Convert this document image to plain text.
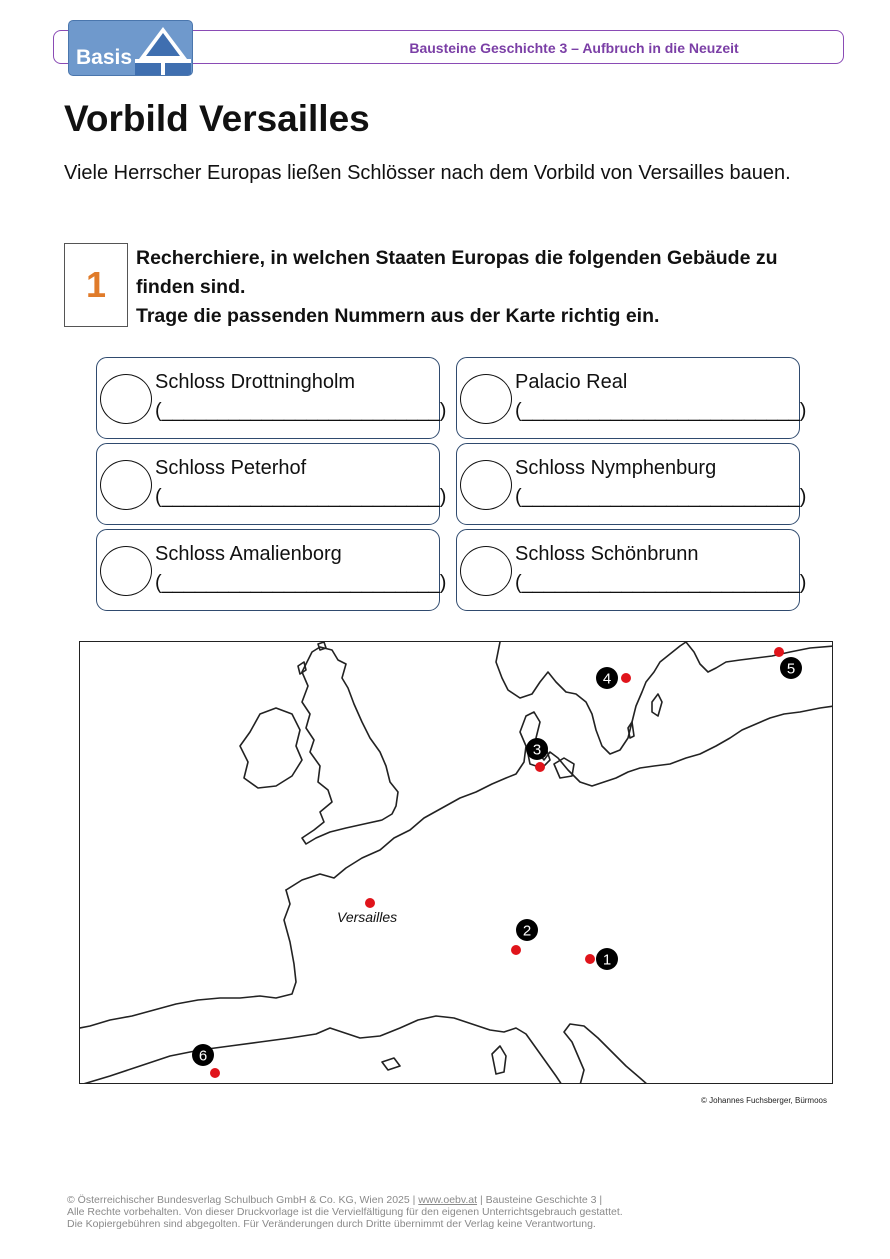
Bausteine Geschichte 3 – Aufbruch in die Neuzeit
Basis
Vorbild Versailles
Viele Herrscher Europas ließen Schlösser nach dem Vorbild von Versailles bauen.
1
Recherchiere, in welchen Staaten Europas die folgenden Gebäude zu
finden sind.
Trage die passenden Nummern aus der Karte richtig ein.
Schloss Drottningholm
(_________________________)
Palacio Real
(_________________________)
Schloss Peterhof
(_________________________)
Schloss Nymphenburg
(_________________________)
Schloss Amalienborg
(_________________________)
Schloss Schönbrunn
(_________________________)
Versailles
1
2
3
4
5
6
© Johannes Fuchsberger, Bürmoos
© Österreichischer Bundesverlag Schulbuch GmbH & Co. KG, Wien 2025 | www.oebv.at | Bausteine Geschichte 3 |
Alle Rechte vorbehalten. Von dieser Druckvorlage ist die Vervielfältigung für den eigenen Unterrichtsgebrauch gestattet.
Die Kopiergebühren sind abgegolten. Für Veränderungen durch Dritte übernimmt der Verlag keine Verantwortung.
